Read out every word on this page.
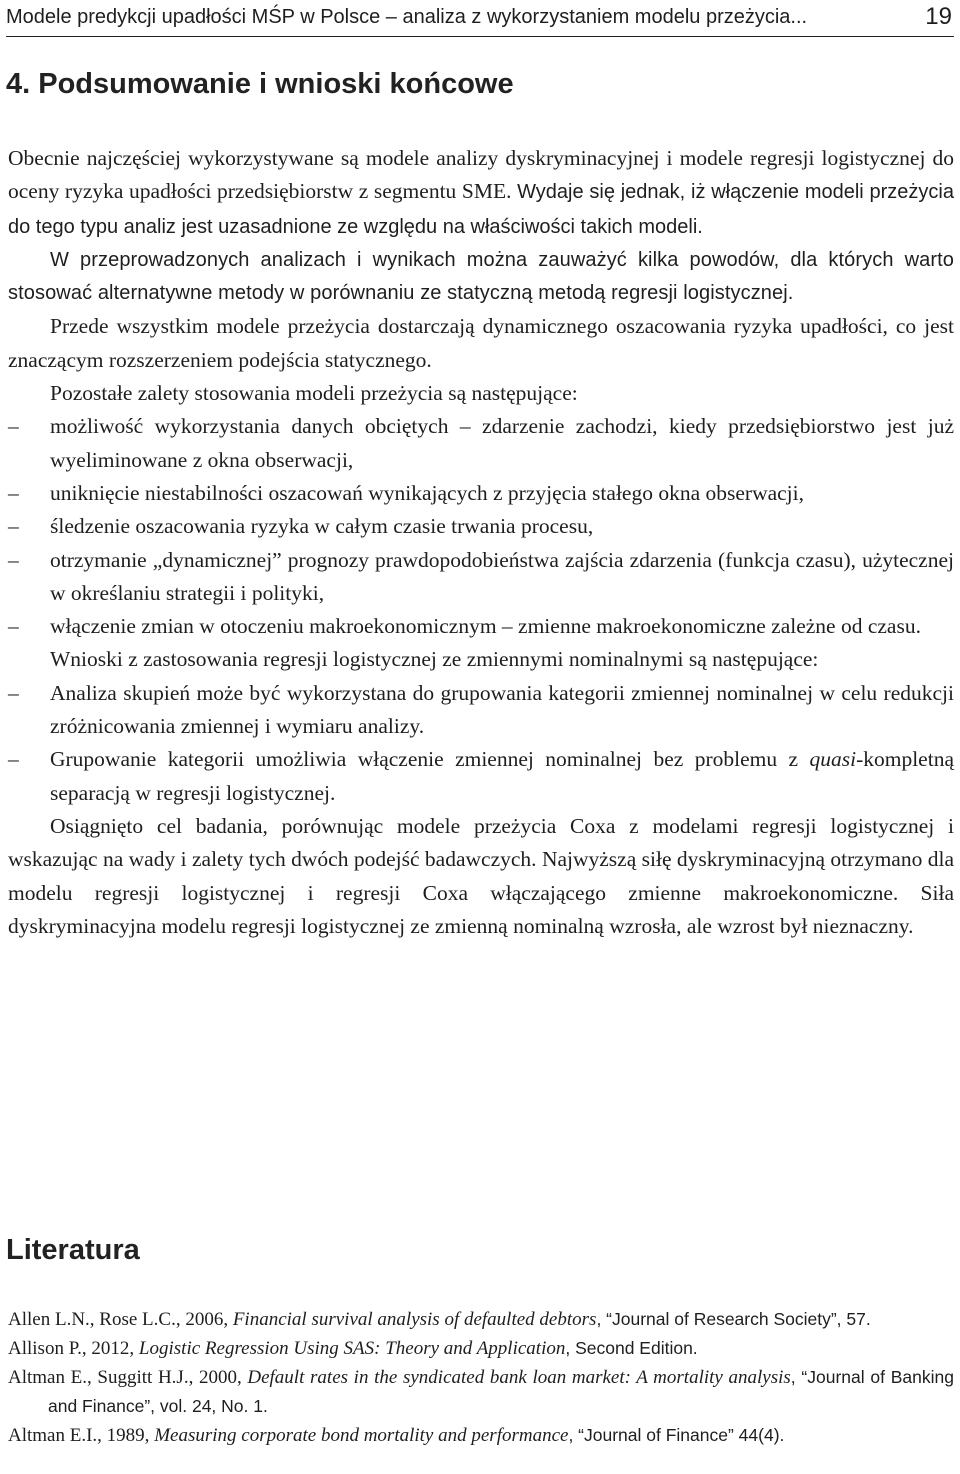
Modele predykcji upadłości MŚP w Polsce – analiza z wykorzystaniem modelu przeżycia...	19
4. Podsumowanie i wnioski końcowe

Obecnie najczęściej wykorzystywane są modele analizy dyskryminacyjnej i modele regresji logistycznej do oceny ryzyka upadłości przedsiębiorstw z segmentu SME. Wydaje się jednak, iż włączenie modeli przeżycia do tego typu analiz jest uzasadnione ze względu na właściwości takich modeli.

W przeprowadzonych analizach i wynikach można zauważyć kilka powodów, dla których warto stosować alternatywne metody w porównaniu ze statyczną metodą regresji logistycznej.

Przede wszystkim modele przeżycia dostarczają dynamicznego oszacowania ryzyka upadłości, co jest znaczącym rozszerzeniem podejścia statycznego.

Pozostałe zalety stosowania modeli przeżycia są następujące:

– możliwość wykorzystania danych obciętych – zdarzenie zachodzi, kiedy przedsiębiorstwo jest już wyeliminowane z okna obserwacji,
– uniknięcie niestabilności oszacowań wynikających z przyjęcia stałego okna obserwacji,
– śledzenie oszacowania ryzyka w całym czasie trwania procesu,
– otrzymanie „dynamicznej” prognozy prawdopodobieństwa zajścia zdarzenia (funkcja czasu), użytecznej w określaniu strategii i polityki,
– włączenie zmian w otoczeniu makroekonomicznym – zmienne makroekonomiczne zależne od czasu.

Wnioski z zastosowania regresji logistycznej ze zmiennymi nominalnymi są następujące:

– Analiza skupień może być wykorzystana do grupowania kategorii zmiennej nominalnej w celu redukcji zróżnicowania zmiennej i wymiaru analizy.
– Grupowanie kategorii umożliwia włączenie zmiennej nominalnej bez problemu z quasi-kompletną separacją w regresji logistycznej.

Osiągnięto cel badania, porównując modele przeżycia Coxa z modelami regresji logistycznej i wskazując na wady i zalety tych dwóch podejść badawczych. Najwyższą siłę dyskryminacyjną otrzymano dla modelu regresji logistycznej i regresji Coxa włączającego zmienne makroekonomiczne. Siła dyskryminacyjna modelu regresji logistycznej ze zmienną nominalną wzrosła, ale wzrost był nieznaczny.

Literatura

Allen L.N., Rose L.C., 2006, Financial survival analysis of defaulted debtors, “Journal of Research Society”, 57.

Allison P., 2012, Logistic Regression Using SAS: Theory and Application, Second Edition.

Altman E., Suggitt H.J., 2000, Default rates in the syndicated bank loan market: A mortality analysis, “Journal of Banking and Finance”, vol. 24, No. 1.

Altman E.I., 1989, Measuring corporate bond mortality and performance, “Journal of Finance” 44(4).
